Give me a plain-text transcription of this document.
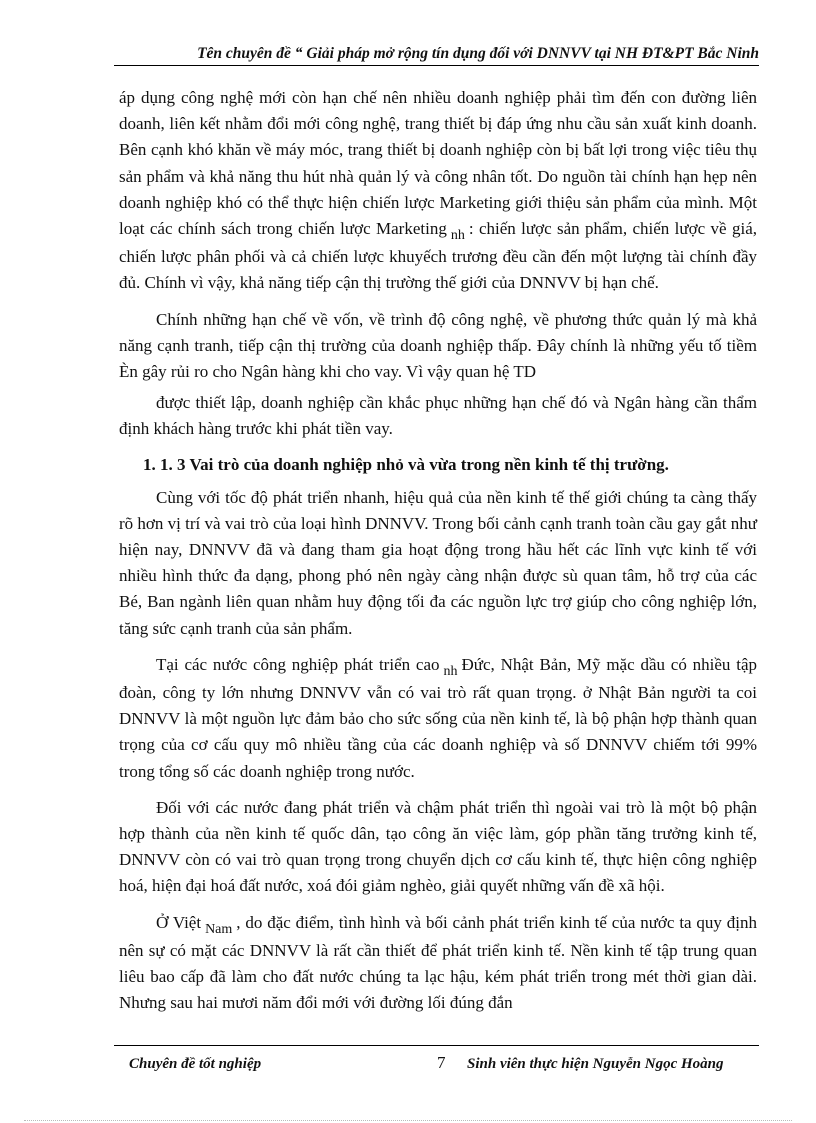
Tên chuyên đề “ Giải pháp mở rộng tín dụng đối với DNNVV tại NH ĐT&PT Bắc Ninh

áp dụng công nghệ mới còn hạn chế nên nhiều doanh nghiệp phải tìm đến con đường liên doanh, liên kết nhằm đổi mới công nghệ, trang thiết bị đáp ứng nhu cầu sản xuất kinh doanh. Bên cạnh khó khăn về máy móc, trang thiết bị doanh nghiệp còn bị bất lợi trong việc tiêu thụ sản phẩm và khả năng thu hút nhà quản lý và công nhân tốt. Do nguồn tài chính hạn hẹp nên doanh nghiệp khó có thể thực hiện chiến lược Marketing giới thiệu sản phẩm của mình. Một loạt các chính sách trong chiến lược Marketing $_{nh}$ : chiến lược sản phẩm, chiến lược về giá, chiến lược phân phối và cả chiến lược khuyếch trương đều cần đến một lượng tài chính đầy đủ. Chính vì vậy, khả năng tiếp cận thị trường thế giới của DNNVV bị hạn chế.

Chính những hạn chế về vốn, về trình độ công nghệ, về phương thức quản lý mà khả năng cạnh tranh, tiếp cận thị trường của doanh nghiệp thấp. Đây chính là những yếu tố tiềm Èn gây rủi ro cho Ngân hàng khi cho vay. Vì vậy quan hệ TD

được thiết lập, doanh nghiệp cần khắc phục những hạn chế đó và Ngân hàng cần thẩm định khách hàng trước khi phát tiền vay.

1. 1. 3 Vai trò của doanh nghiệp nhỏ và vừa trong nền kinh tế thị trường.

Cùng với tốc độ phát triển nhanh, hiệu quả của nền kinh tế thế giới chúng ta càng thấy rõ hơn vị trí và vai trò của loại hình DNNVV. Trong bối cảnh cạnh tranh toàn cầu gay gắt như hiện nay, DNNVV đã và đang tham gia hoạt động trong hầu hết các lĩnh vực kinh tế với nhiều hình thức đa dạng, phong phó nên ngày càng nhận được sù quan tâm, hỗ trợ của các Bé, Ban ngành liên quan nhằm huy động tối đa các nguồn lực trợ giúp cho công nghiệp lớn, tăng sức cạnh tranh của sản phẩm.

Tại các nước công nghiệp phát triển cao $_{nh}$ Đức, Nhật Bản, Mỹ mặc dầu có nhiều tập đoàn, công ty lớn nhưng DNNVV vẫn có vai trò rất quan trọng. ở Nhật Bản người ta coi DNNVV là một nguồn lực đảm bảo cho sức sống của nền kinh tế, là bộ phận hợp thành quan trọng của cơ cấu quy mô nhiều tầng của các doanh nghiệp và số DNNVV chiếm tới 99% trong tổng số các doanh nghiệp trong nước.

Đối với các nước đang phát triển và chậm phát triển thì ngoài vai trò là một bộ phận hợp thành của nền kinh tế quốc dân, tạo công ăn việc làm, góp phần tăng trưởng kinh tế, DNNVV còn có vai trò quan trọng trong chuyển dịch cơ cấu kinh tế, thực hiện công nghiệp hoá, hiện đại hoá đất nước, xoá đói giảm nghèo, giải quyết những vấn đề xã hội.

Ở Việt $_{Nam}$ , do đặc điểm, tình hình và bối cảnh phát triển kinh tế của nước ta quy định nên sự có mặt các DNNVV là rất cần thiết để phát triển kinh tế. Nền kinh tế tập trung quan liêu bao cấp đã làm cho đất nước chúng ta lạc hậu, kém phát triển trong mét thời gian dài. Nhưng sau hai mươi năm đổi mới với đường lối đúng đắn

Chuyên đề tốt nghiệp	7 Sinh viên thực hiện Nguyễn Ngọc Hoàng
